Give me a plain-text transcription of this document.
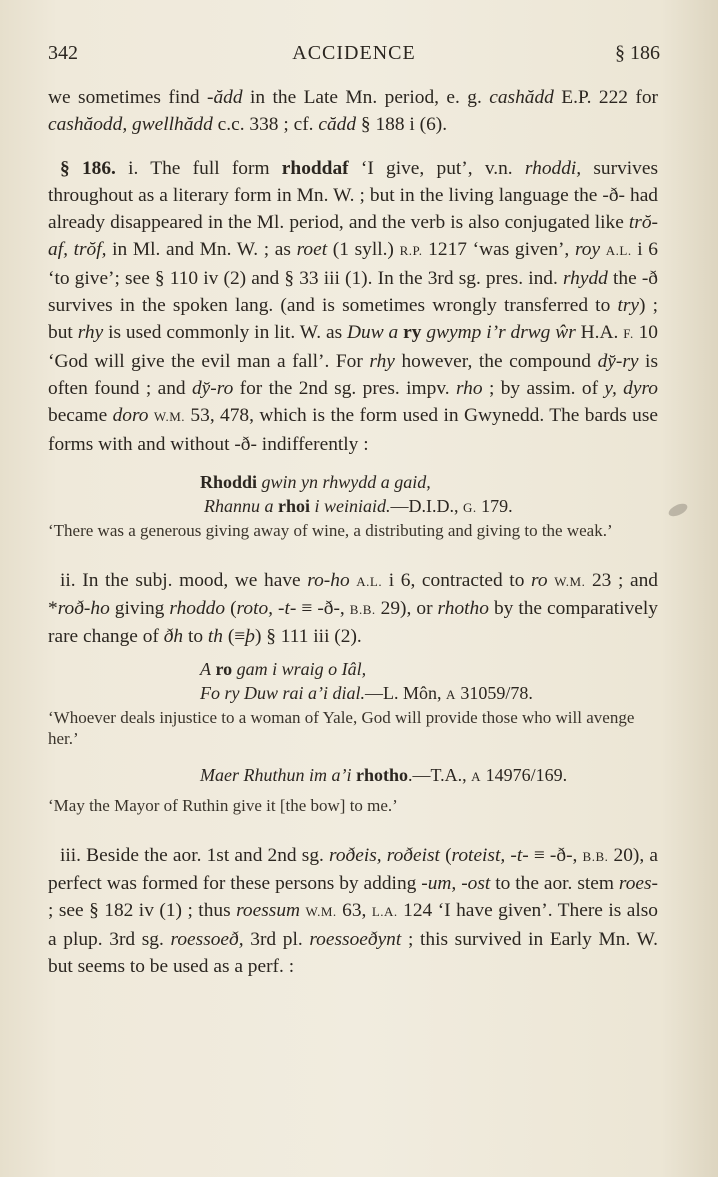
342	ACCIDENCE	§ 186

we sometimes find -ădd in the Late Mn. period, e. g. cashădd E.P. 222 for cashăodd, gwellhădd c.c. 338 ; cf. cădd § 188 i (6).

§ 186. i. The full form rhoddaf ‘I give, put’, v.n. rhoddi, survives throughout as a literary form in Mn. W. ; but in the living language the -ð- had already disappeared in the Ml. period, and the verb is also conjugated like trŏ-af, trŏf, in Ml. and Mn. W. ; as roet (1 syll.) R.P. 1217 ‘was given’, roy A.L. i 6 ‘to give’; see § 110 iv (2) and § 33 iii (1). In the 3rd sg. pres. ind. rhydd the -ð survives in the spoken lang. (and is sometimes wrongly transferred to try) ; but rhy is used commonly in lit. W. as Duw a ry gwymp i’r drwg ŵr H.A. F. 10 ‘God will give the evil man a fall’. For rhy however, the compound dy̆-ry is often found ; and dy̆-ro for the 2nd sg. pres. impv. rho ; by assim. of y, dyro became doro W.M. 53, 478, which is the form used in Gwynedd. The bards use forms with and without -ð- indifferently :

Rhoddi gwin yn rhwydd a gaid,

Rhannu a rhoi i weiniaid.—D.I.D., G. 179.

‘There was a generous giving away of wine, a distributing and giving to the weak.’

ii. In the subj. mood, we have ro-ho A.L. i 6, contracted to ro W.M. 23 ; and *roð-ho giving rhoddo (roto, -t- ≡ -ð-, B.B. 29), or rhotho by the comparatively rare change of ðh to th (≡þ) § 111 iii (2).

A ro gam i wraig o Iâl,

Fo ry Duw rai a’i dial.—L. Môn, A 31059/78.

‘Whoever deals injustice to a woman of Yale, God will provide those who will avenge her.’

Maer Rhuthun im a’i rhotho.—T.A., A 14976/169.

‘May the Mayor of Ruthin give it [the bow] to me.’

iii. Beside the aor. 1st and 2nd sg. roðeis, roðeist (roteist, -t- ≡ -ð-, B.B. 20), a perfect was formed for these persons by adding -um, -ost to the aor. stem roes- ; see § 182 iv (1) ; thus roessum W.M. 63, L.A. 124 ‘I have given’. There is also a plup. 3rd sg. roessoeð, 3rd pl. roessoeðynt ; this survived in Early Mn. W. but seems to be used as a perf. :
